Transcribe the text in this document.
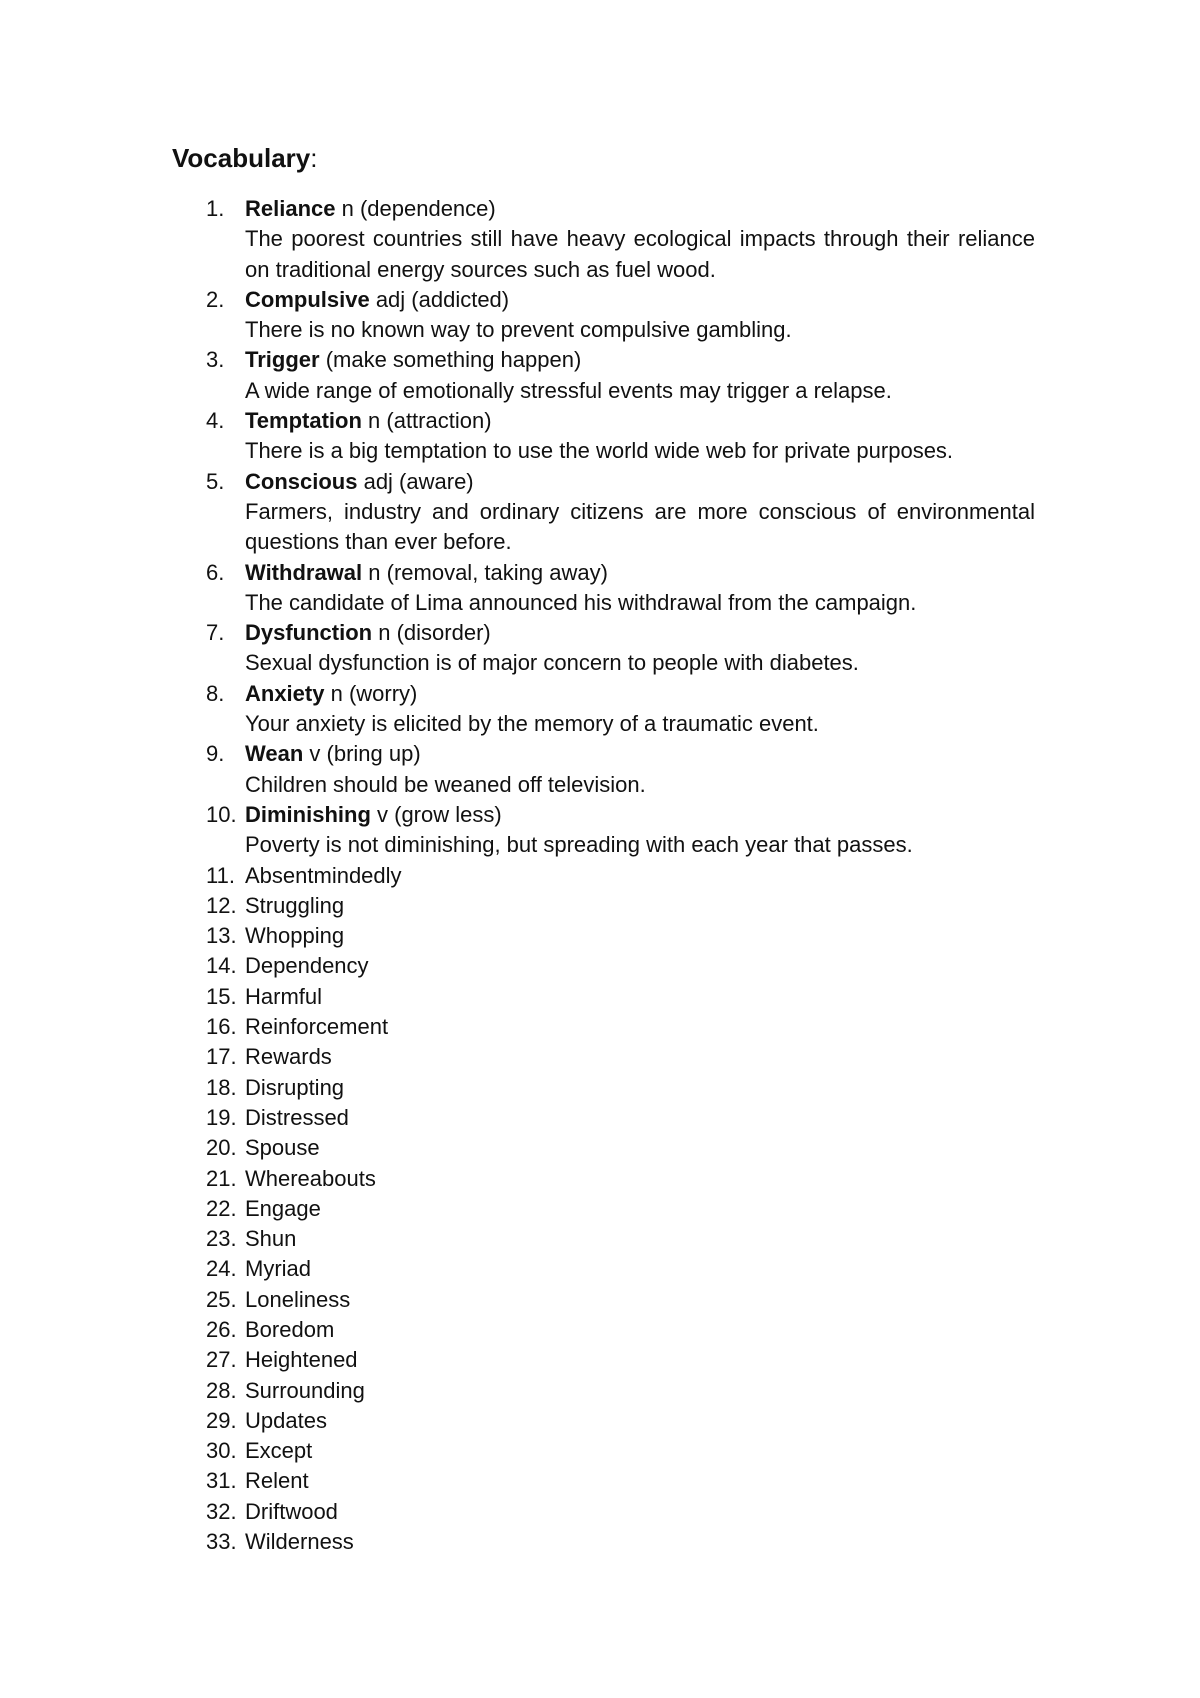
Vocabulary:
1. Reliance n (dependence)
The poorest countries still have heavy ecological impacts through their reliance on traditional energy sources such as fuel wood.
2. Compulsive adj (addicted)
There is no known way to prevent compulsive gambling.
3. Trigger (make something happen)
A wide range of emotionally stressful events may trigger a relapse.
4. Temptation n (attraction)
There is a big temptation to use the world wide web for private purposes.
5. Conscious adj (aware)
Farmers, industry and ordinary citizens are more conscious of environmental questions than ever before.
6. Withdrawal n (removal, taking away)
The candidate of Lima announced his withdrawal from the campaign.
7. Dysfunction n (disorder)
Sexual dysfunction is of major concern to people with diabetes.
8. Anxiety n (worry)
Your anxiety is elicited by the memory of a traumatic event.
9. Wean v (bring up)
Children should be weaned off television.
10. Diminishing v (grow less)
Poverty is not diminishing, but spreading with each year that passes.
11. Absentmindedly
12. Struggling
13. Whopping
14. Dependency
15. Harmful
16. Reinforcement
17. Rewards
18. Disrupting
19. Distressed
20. Spouse
21. Whereabouts
22. Engage
23. Shun
24. Myriad
25. Loneliness
26. Boredom
27. Heightened
28. Surrounding
29. Updates
30. Except
31. Relent
32. Driftwood
33. Wilderness
